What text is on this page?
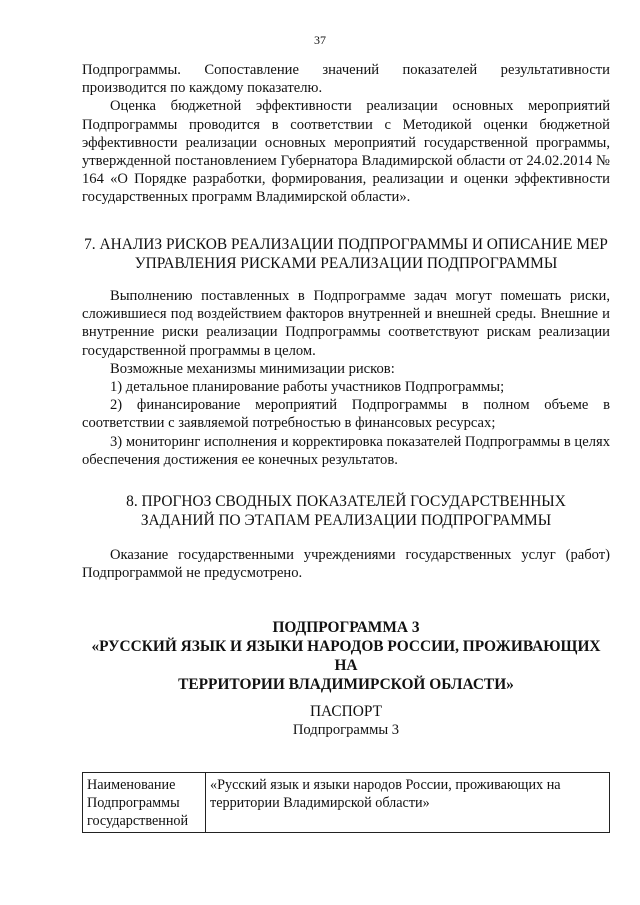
37

Подпрограммы. Сопоставление значений показателей результативности производится по каждому показателю.

Оценка бюджетной эффективности реализации основных мероприятий Подпрограммы проводится в соответствии с Методикой оценки бюджетной эффективности реализации основных мероприятий государственной программы, утвержденной постановлением Губернатора Владимирской области от 24.02.2014 № 164 «О Порядке разработки, формирования, реализации и оценки эффективности государственных программ Владимирской области».

7. АНАЛИЗ РИСКОВ РЕАЛИЗАЦИИ ПОДПРОГРАММЫ И ОПИСАНИЕ МЕР
УПРАВЛЕНИЯ РИСКАМИ РЕАЛИЗАЦИИ ПОДПРОГРАММЫ

Выполнению поставленных в Подпрограмме задач могут помешать риски, сложившиеся под воздействием факторов внутренней и внешней среды. Внешние и внутренние риски реализации Подпрограммы соответствуют рискам реализации государственной программы в целом.

Возможные механизмы минимизации рисков:

1) детальное планирование работы участников Подпрограммы;

2) финансирование мероприятий Подпрограммы в полном объеме в соответствии с заявляемой потребностью в финансовых ресурсах;

3) мониторинг исполнения и корректировка показателей Подпрограммы в целях обеспечения достижения ее конечных результатов.

8. ПРОГНОЗ СВОДНЫХ ПОКАЗАТЕЛЕЙ ГОСУДАРСТВЕННЫХ
ЗАДАНИЙ ПО ЭТАПАМ РЕАЛИЗАЦИИ ПОДПРОГРАММЫ

Оказание государственными учреждениями государственных услуг (работ) Подпрограммой не предусмотрено.

ПОДПРОГРАММА 3
«РУССКИЙ ЯЗЫК И ЯЗЫКИ НАРОДОВ РОССИИ, ПРОЖИВАЮЩИХ НА
ТЕРРИТОРИИ ВЛАДИМИРСКОЙ ОБЛАСТИ»
ПАСПОРТ
Подпрограммы 3
Наименование
Подпрограммы
государственной
	«Русский язык и языки народов России, проживающих на территории Владимирской области»
